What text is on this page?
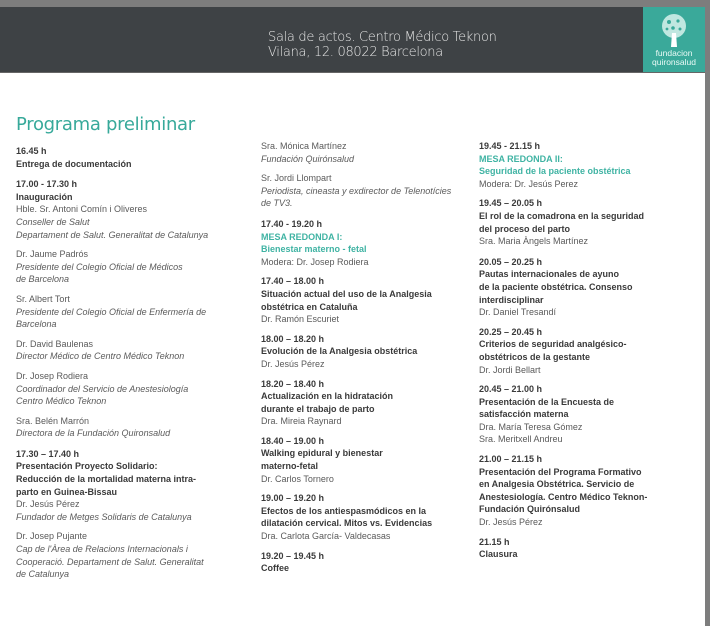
Sala de actos. Centro Médico Teknon
Vilana, 12. 08022 Barcelona	fundacion
quironsalud
Programa preliminar
16.45 h
Entrega de documentación
17.00 - 17.30 h
Inauguración
Hble. Sr. Antoni Comín i Oliveres
Conseller de Salut
Departament de Salut. Generalitat de Catalunya
Dr. Jaume Padrós
Presidente del Colegio Oficial de Médicos
de Barcelona
Sr. Albert Tort
Presidente del Colegio Oficial de Enfermería de
Barcelona
Dr. David Baulenas
Director Médico de Centro Médico Teknon
Dr. Josep Rodiera
Coordinador del Servicio de Anestesiología
Centro Médico Teknon
Sra. Belén Marrón
Directora de la Fundación Quironsalud
17.30 – 17.40 h
Presentación Proyecto Solidario:
Reducción de la mortalidad materna intra-
parto en Guinea-Bissau
Dr. Jesús Pérez
Fundador de Metges Solidaris de Catalunya
Dr. Josep Pujante
Cap de l'Àrea de Relacions Internacionals i
Cooperació. Departament de Salut. Generalitat
de Catalunya
Sra. Mónica Martínez
Fundación Quirónsalud
Sr. Jordi Llompart
Periodista, cineasta y exdirector de Telenotícies
de TV3.
17.40 - 19.20 h
MESA REDONDA I:
Bienestar materno - fetal
Modera: Dr. Josep Rodiera
17.40 – 18.00 h
Situación actual del uso de la Analgesia
obstétrica en Cataluña
Dr. Ramón Escuriet
18.00 – 18.20 h
Evolución de la Analgesia obstétrica
Dr. Jesús Pérez
18.20 – 18.40 h
Actualización en la hidratación
durante el trabajo de parto
Dra. Mireia Raynard
18.40 – 19.00 h
Walking epidural y bienestar
materno-fetal
Dr. Carlos Tornero
19.00 – 19.20 h
Efectos de los antiespasmódicos en la
dilatación cervical. Mitos vs. Evidencias
Dra. Carlota García- Valdecasas
19.20 – 19.45 h
Coffee
19.45 - 21.15 h
MESA REDONDA II:
Seguridad de la paciente obstétrica
Modera: Dr. Jesús Perez
19.45 – 20.05 h
El rol de la comadrona en la seguridad
del proceso del parto
Sra. Maria Àngels Martínez
20.05 – 20.25 h
Pautas internacionales de ayuno
de la paciente obstétrica. Consenso
interdisciplinar
Dr. Daniel Tresandí
20.25 – 20.45 h
Criterios de seguridad analgésico-
obstétricos de la gestante
Dr. Jordi Bellart
20.45 – 21.00 h
Presentación de la Encuesta de
satisfacción materna
Dra. María Teresa Gómez
Sra. Meritxell Andreu
21.00 – 21.15 h
Presentación del Programa Formativo
en Analgesia Obstétrica. Servicio de
Anestesiología. Centro Médico Teknon-
Fundación Quirónsalud
Dr. Jesús Pérez
21.15 h
Clausura
